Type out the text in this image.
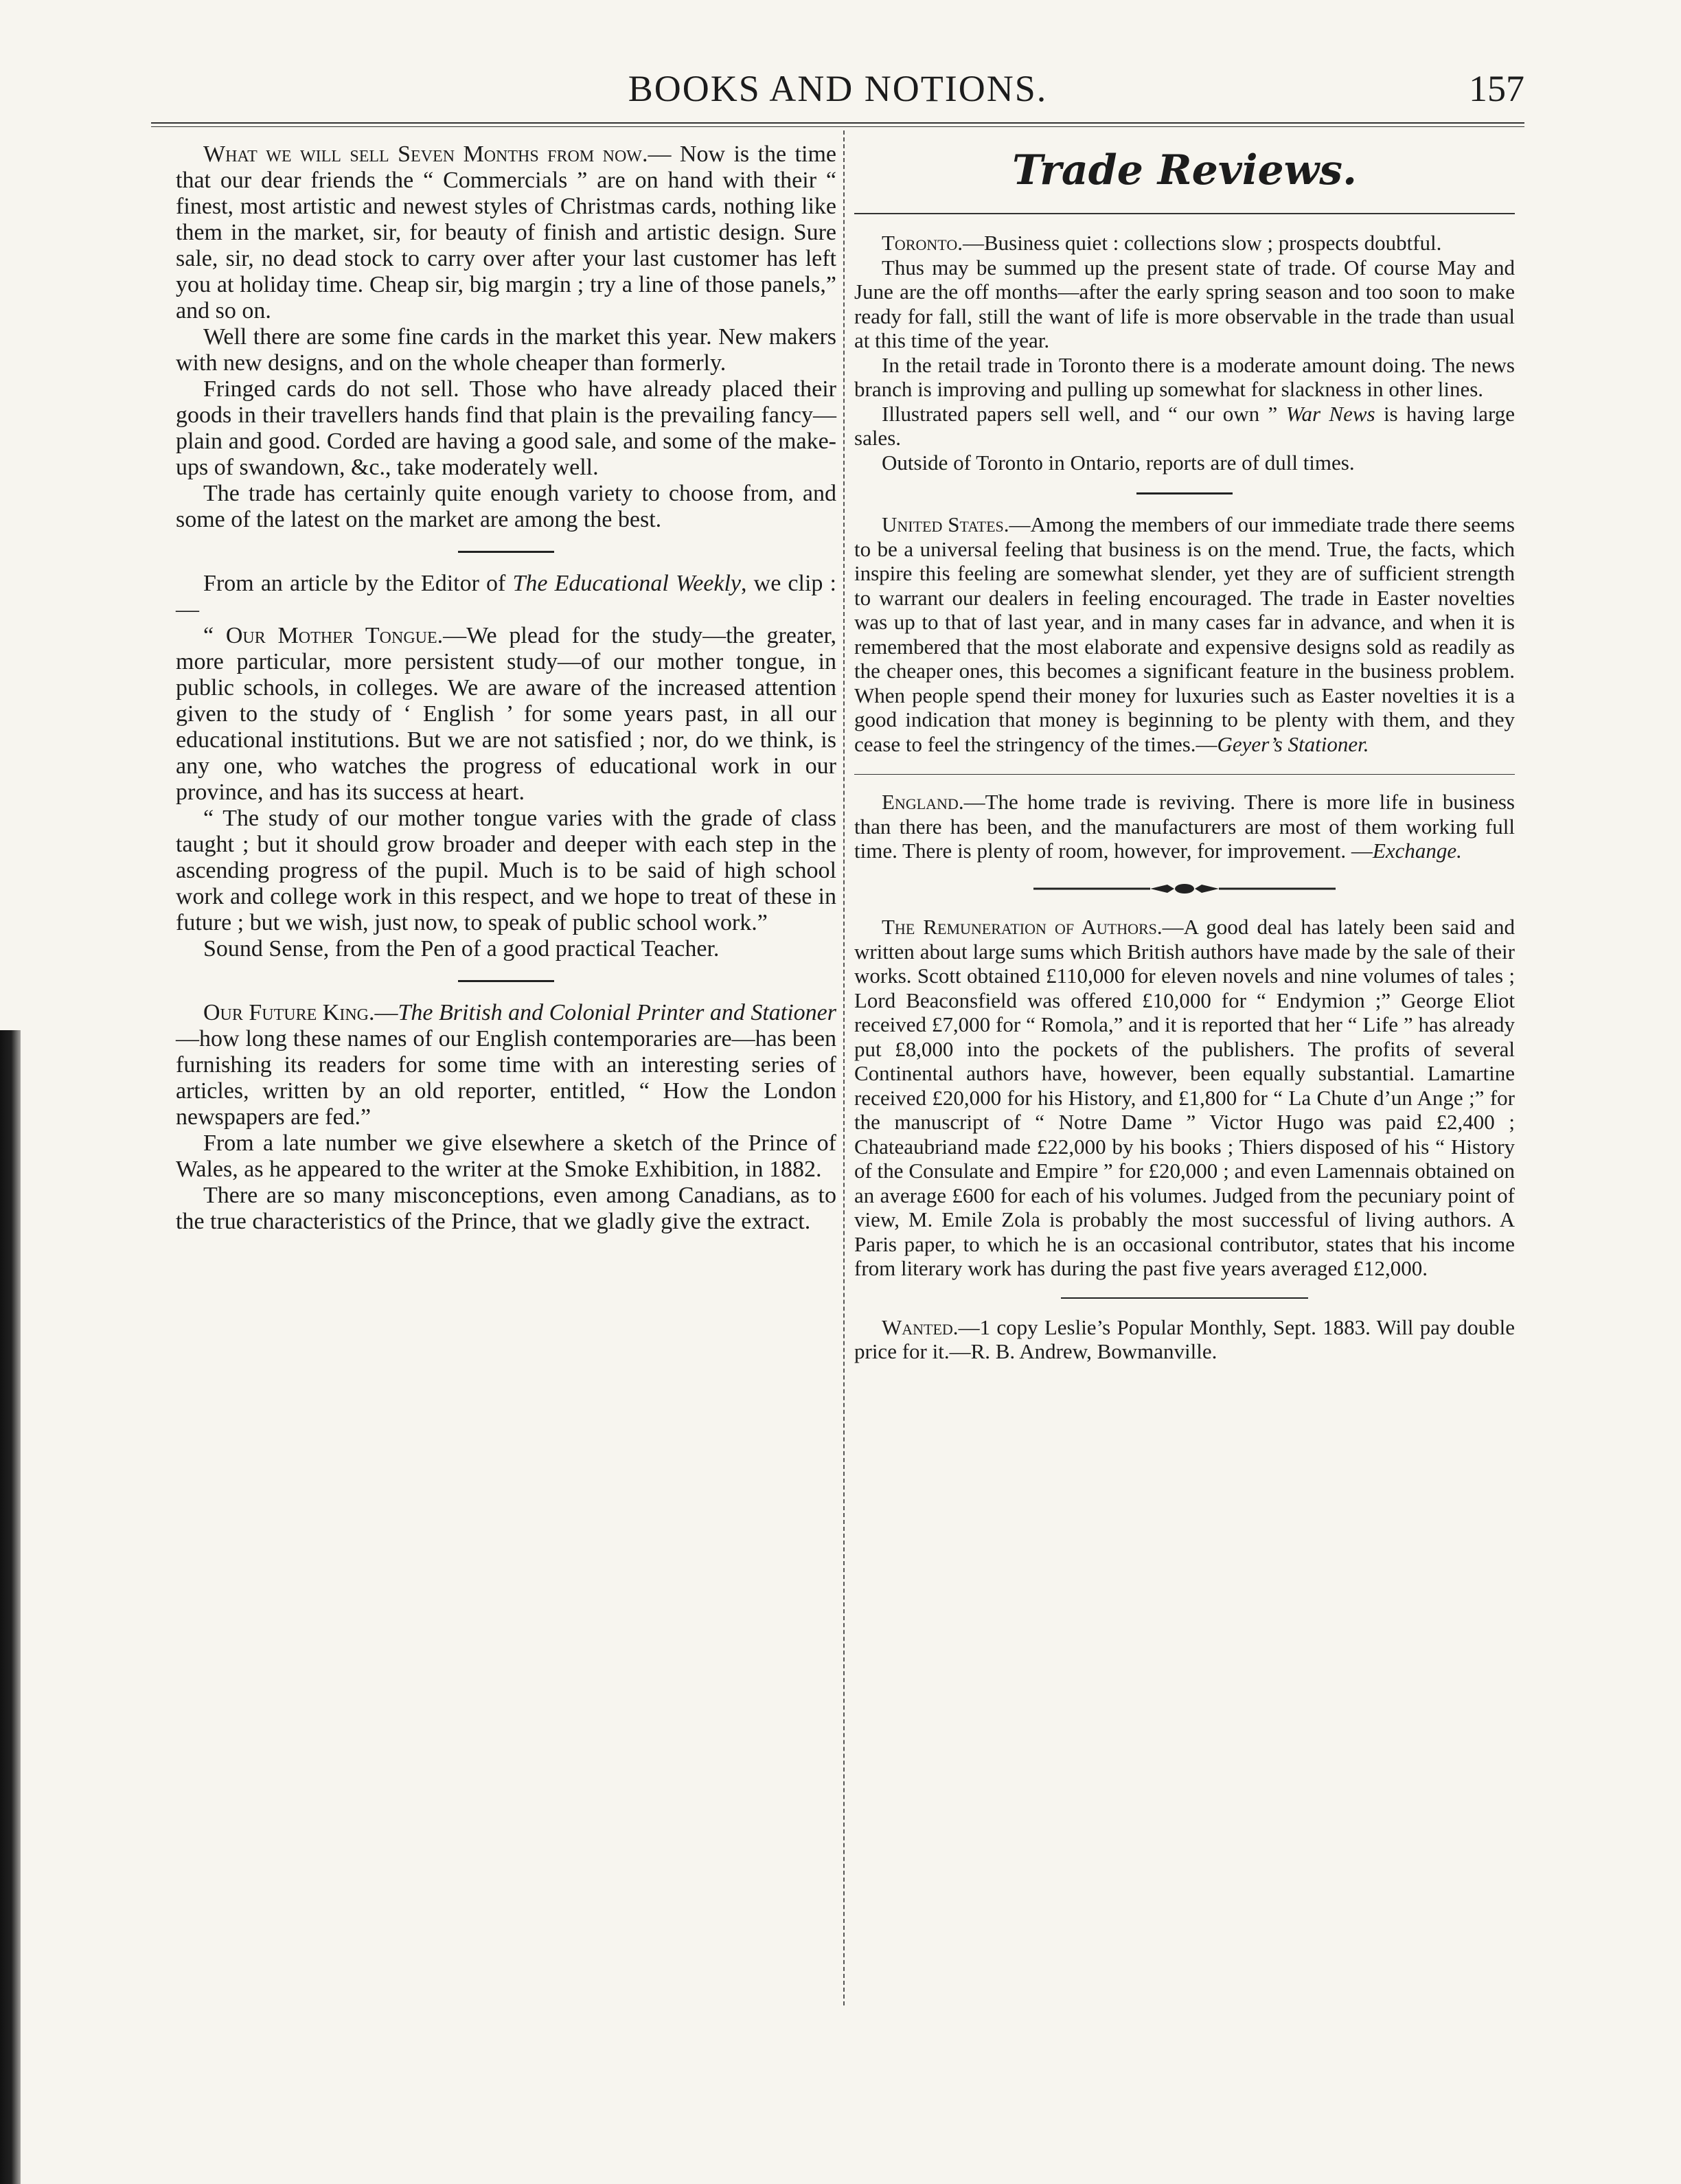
BOOKS AND NOTIONS.	157

What we will sell Seven Months from now.— Now is the time that our dear friends the “ Commercials ” are on hand with their “ finest, most artistic and newest styles of Christmas cards, nothing like them in the market, sir, for beauty of finish and artistic design. Sure sale, sir, no dead stock to carry over after your last customer has left you at holiday time. Cheap sir, big margin ; try a line of those panels,” and so on.

Well there are some fine cards in the market this year. New makers with new designs, and on the whole cheaper than formerly.

Fringed cards do not sell. Those who have already placed their goods in their travellers hands find that plain is the prevailing fancy—plain and good. Corded are having a good sale, and some of the make-ups of swandown, &c., take moderately well.

The trade has certainly quite enough variety to choose from, and some of the latest on the market are among the best.

From an article by the Editor of The Educational Weekly, we clip :—

“ Our Mother Tongue.—We plead for the study—the greater, more particular, more persistent study—of our mother tongue, in public schools, in colleges. We are aware of the increased attention given to the study of ‘ English ’ for some years past, in all our educational institutions. But we are not satisfied ; nor, do we think, is any one, who watches the progress of educational work in our province, and has its success at heart.

“ The study of our mother tongue varies with the grade of class taught ; but it should grow broader and deeper with each step in the ascending progress of the pupil. Much is to be said of high school work and college work in this respect, and we hope to treat of these in future ; but we wish, just now, to speak of public school work.”

Sound Sense, from the Pen of a good practical Teacher.

Our Future King.—The British and Colonial Printer and Stationer—how long these names of our English contemporaries are—has been furnishing its readers for some time with an interesting series of articles, written by an old reporter, entitled, “ How the London newspapers are fed.”

From a late number we give elsewhere a sketch of the Prince of Wales, as he appeared to the writer at the Smoke Exhibition, in 1882.

There are so many misconceptions, even among Canadians, as to the true characteristics of the Prince, that we gladly give the extract.

Trade Reviews.

Toronto.—Business quiet : collections slow ; prospects doubtful.

Thus may be summed up the present state of trade. Of course May and June are the off months—after the early spring season and too soon to make ready for fall, still the want of life is more observable in the trade than usual at this time of the year.

In the retail trade in Toronto there is a moderate amount doing. The news branch is improving and pulling up somewhat for slackness in other lines.

Illustrated papers sell well, and “ our own ” War News is having large sales.

Outside of Toronto in Ontario, reports are of dull times.

United States.—Among the members of our immediate trade there seems to be a universal feeling that business is on the mend. True, the facts, which inspire this feeling are somewhat slender, yet they are of sufficient strength to warrant our dealers in feeling encouraged. The trade in Easter novelties was up to that of last year, and in many cases far in advance, and when it is remembered that the most elaborate and expensive designs sold as readily as the cheaper ones, this becomes a significant feature in the business problem. When people spend their money for luxuries such as Easter novelties it is a good indication that money is beginning to be plenty with them, and they cease to feel the stringency of the times.—Geyer’s Stationer.

England.—The home trade is reviving. There is more life in business than there has been, and the manufacturers are most of them working full time. There is plenty of room, however, for improvement. —Exchange.

The Remuneration of Authors.—A good deal has lately been said and written about large sums which British authors have made by the sale of their works. Scott obtained £110,000 for eleven novels and nine volumes of tales ; Lord Beaconsfield was offered £10,000 for “ Endymion ;” George Eliot received £7,000 for “ Romola,” and it is reported that her “ Life ” has already put £8,000 into the pockets of the publishers. The profits of several Continental authors have, however, been equally substantial. Lamartine received £20,000 for his History, and £1,800 for “ La Chute d’un Ange ;” for the manuscript of “ Notre Dame ” Victor Hugo was paid £2,400 ; Chateaubriand made £22,000 by his books ; Thiers disposed of his “ History of the Consulate and Empire ” for £20,000 ; and even Lamennais obtained on an average £600 for each of his volumes. Judged from the pecuniary point of view, M. Emile Zola is probably the most successful of living authors. A Paris paper, to which he is an occasional contributor, states that his income from literary work has during the past five years averaged £12,000.

Wanted.—1 copy Leslie’s Popular Monthly, Sept. 1883. Will pay double price for it.—R. B. Andrew, Bowmanville.
